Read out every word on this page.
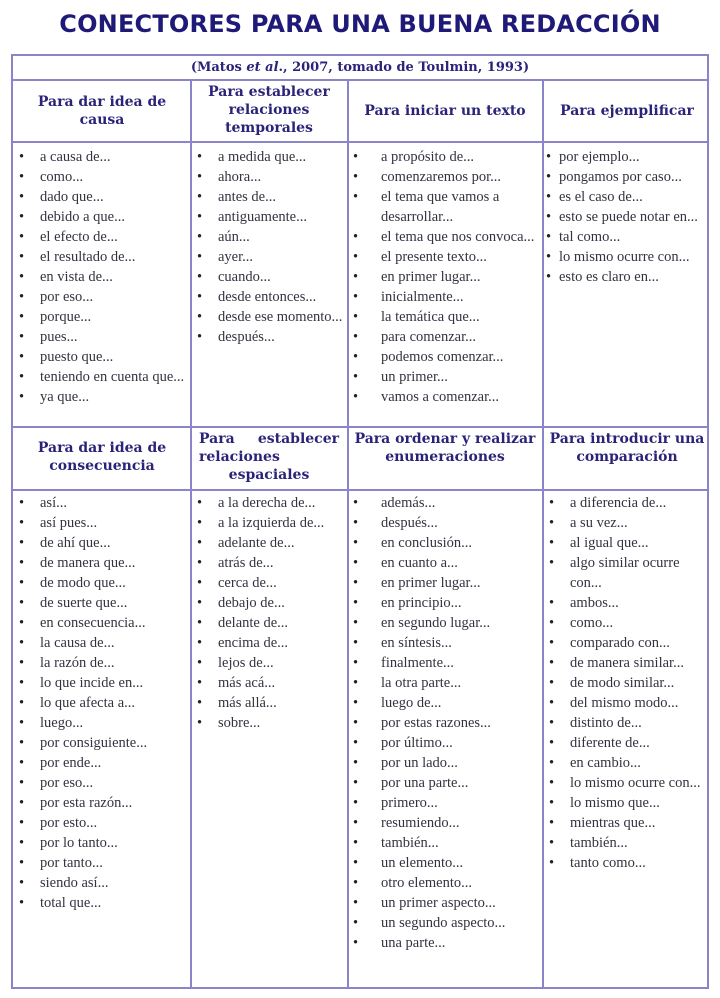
CONECTORES PARA UNA BUENA REDACCIÓN
(Matos et al., 2007, tomado de Toulmin, 1993)
Para dar idea de causa
Para establecer relaciones temporales
Para iniciar un texto	Para ejemplificar
Para dar idea de consecuencia
Para establecer relaciones espaciales
Para ordenar y realizar enumeraciones
Para introducir una comparación
• a causa de...
• como...
• dado que...
• debido a que...
• el efecto de...
• el resultado de...
• en vista de...
• por eso...
• porque...
• pues...
• puesto que...
• teniendo en cuenta que...
• ya que...
• a medida que...
• ahora...
• antes de...
• antiguamente...
• aún...
• ayer...
• cuando...
• desde entonces...
• desde ese momento...
• después...
• a propósito de...
• comenzaremos por...
• el tema que vamos a desarrollar...
• el tema que nos convoca...
• el presente texto...
• en primer lugar...
• inicialmente...
• la temática que...
• para comenzar...
• podemos comenzar...
• un primer...
• vamos a comenzar...
• por ejemplo...
• pongamos por caso...
• es el caso de...
• esto se puede notar en...
• tal como...
• lo mismo ocurre con...
• esto es claro en...
• así...
• así pues...
• de ahí que...
• de manera que...
• de modo que...
• de suerte que...
• en consecuencia...
• la causa de...
• la razón de...
• lo que incide en...
• lo que afecta a...
• luego...
• por consiguiente...
• por ende...
• por eso...
• por esta razón...
• por esto...
• por lo tanto...
• por tanto...
• siendo así...
• total que...
• a la derecha de...
• a la izquierda de...
• adelante de...
• atrás de...
• cerca de...
• debajo de...
• delante de...
• encima de...
• lejos de...
• más acá...
• más allá...
• sobre...
• además...
• después...
• en conclusión...
• en cuanto a...
• en primer lugar...
• en principio...
• en segundo lugar...
• en síntesis...
• finalmente...
• la otra parte...
• luego de...
• por estas razones...
• por último...
• por un lado...
• por una parte...
• primero...
• resumiendo...
• también...
• un elemento...
• otro elemento...
• un primer aspecto...
• un segundo aspecto...
• una parte...
• a diferencia de...
• a su vez...
• al igual que...
• algo similar ocurre con...
• ambos...
• como...
• comparado con...
• de manera similar...
• de modo similar...
• del mismo modo...
• distinto de...
• diferente de...
• en cambio...
• lo mismo ocurre con...
• lo mismo que...
• mientras que...
• también...
• tanto como...
